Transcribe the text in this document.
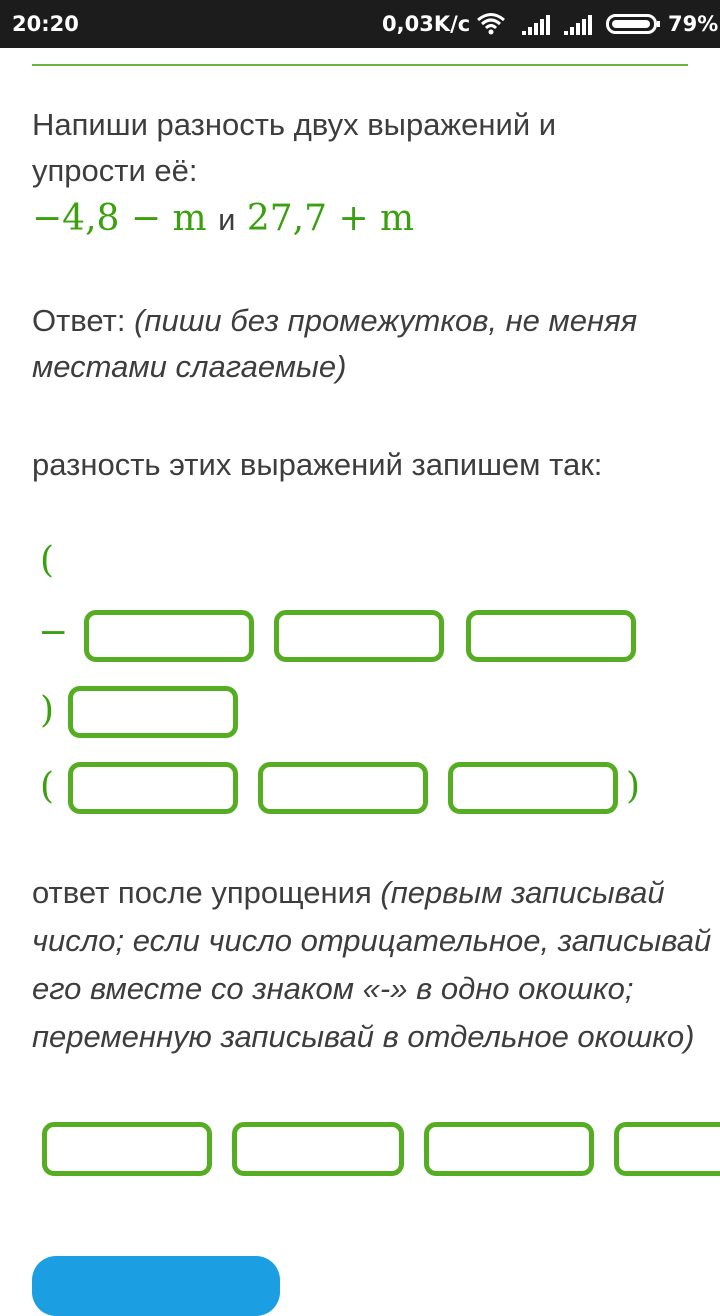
20:20	0,03K/c	79%
Напиши разность двух выражений и
упрости её:
−4,8 − m и 27,7 + m
Ответ: (пиши без промежутков, не меняя
местами слагаемые)
разность этих выражений запишем так:
(
−
)
(	)
ответ после упрощения (первым записывай
число; если число отрицательное, записывай
его вместе со знаком «-» в одно окошко;
переменную записывай в отдельное окошко)
